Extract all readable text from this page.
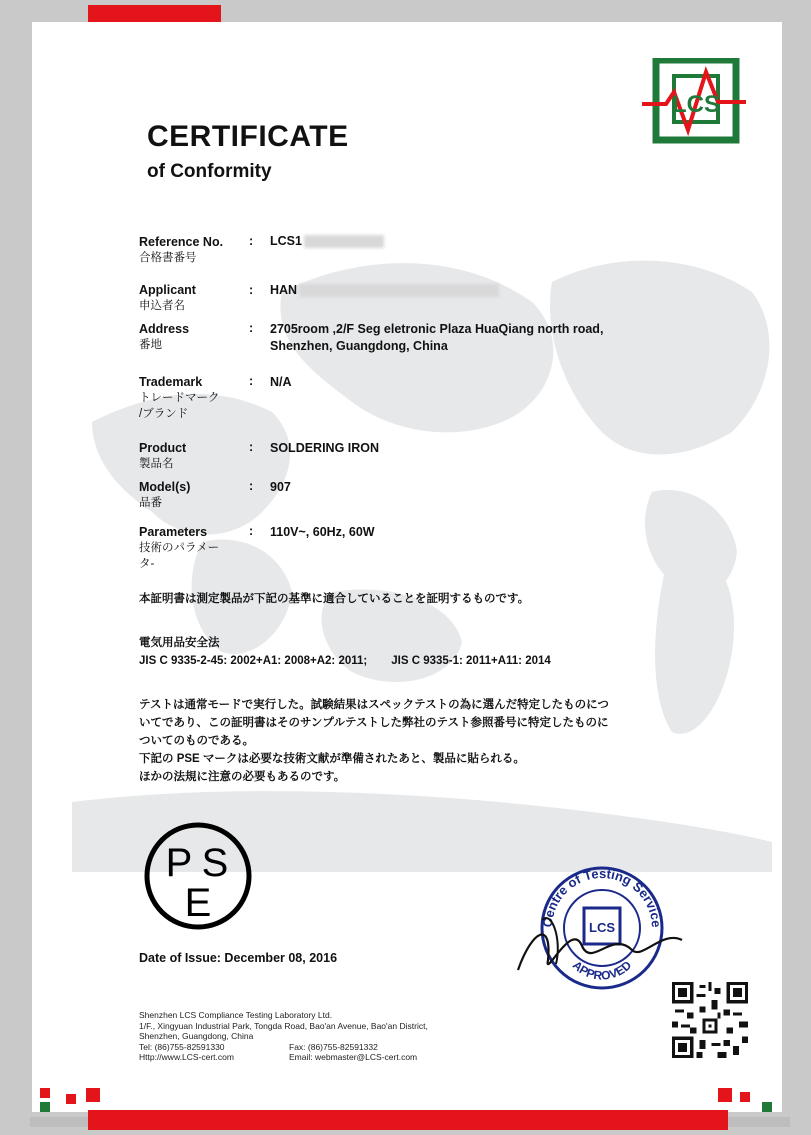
LCS
CERTIFICATE
of Conformity
Reference No.
合格書番号
: LCS1
Applicant
申込者名
: HAN
Address
番地
: 2705room ,2/F Seg eletronic Plaza HuaQiang north road,
Shenzhen, Guangdong, China
Trademark
トレードマーク
/ブランド
: N/A
Product
製品名
: SOLDERING IRON
Model(s)
品番
: 907
Parameters
技術のパラメー
タ-
: 110V~, 60Hz, 60W
本証明書は測定製品が下記の基準に適合していることを証明するものです。
電気用品安全法
JIS C 9335-2-45: 2002+A1: 2008+A2: 2011; JIS C 9335-1: 2011+A11: 2014
テストは通常モードで実行した。試験結果はスペックテストの為に選んだ特定したものにつ
いてであり、この証明書はそのサンプルテストした弊社のテスト参照番号に特定したものに
ついてのものである。
下記の PSE マークは必要な技術文献が準備されたあと、製品に貼られる。
ほかの法規に注意の必要もあるのです。
P S
E
Date of Issue: December 08, 2016
Centre of Testing Service
APPROVED
LCS
Shenzhen LCS Compliance Testing Laboratory Ltd.
1/F., Xingyuan Industrial Park, Tongda Road, Bao'an Avenue, Bao'an District,
Shenzhen, Guangdong, China
Tel: (86)755-82591330	Fax: (86)755-82591332
Http://www.LCS-cert.com	Email: webmaster@LCS-cert.com
